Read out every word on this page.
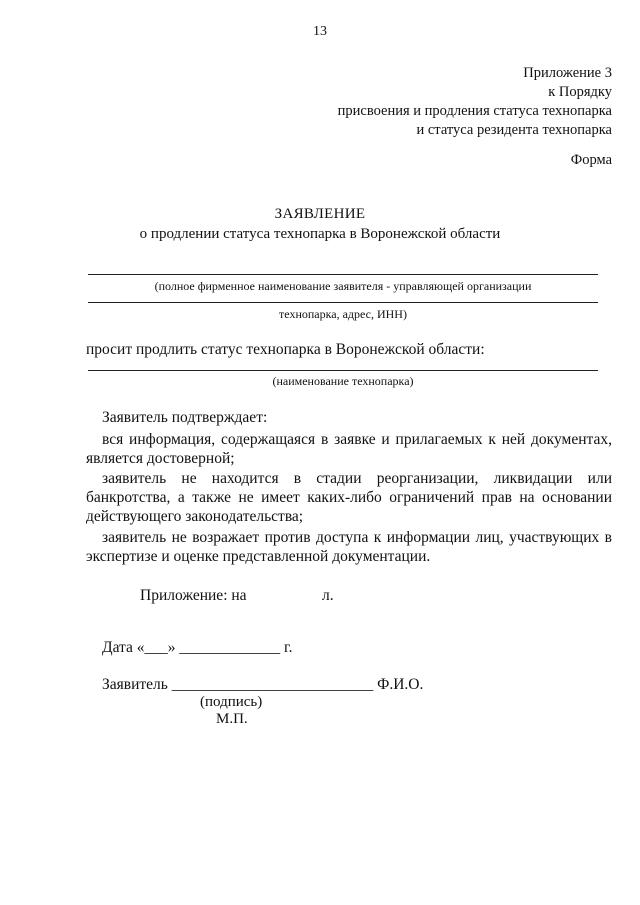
13
Приложение 3
к Порядку
присвоения и продления статуса технопарка
и статуса резидента технопарка
Форма
ЗАЯВЛЕНИЕ
о продлении статуса технопарка в Воронежской области
(полное фирменное наименование заявителя - управляющей организации
технопарка, адрес, ИНН)
просит продлить статус технопарка в Воронежской области:
(наименование технопарка)
Заявитель подтверждает:
вся информация, содержащаяся в заявке и прилагаемых к ней документах, является достоверной;
заявитель не находится в стадии реорганизации, ликвидации или банкротства, а также не имеет каких-либо ограничений прав на основании действующего законодательства;
заявитель не возражает против доступа к информации лиц, участвующих в экспертизе и оценке представленной документации.
Приложение: на	л.
Дата «___» _____________ г.
Заявитель __________________________ Ф.И.О.
(подпись)
М.П.
